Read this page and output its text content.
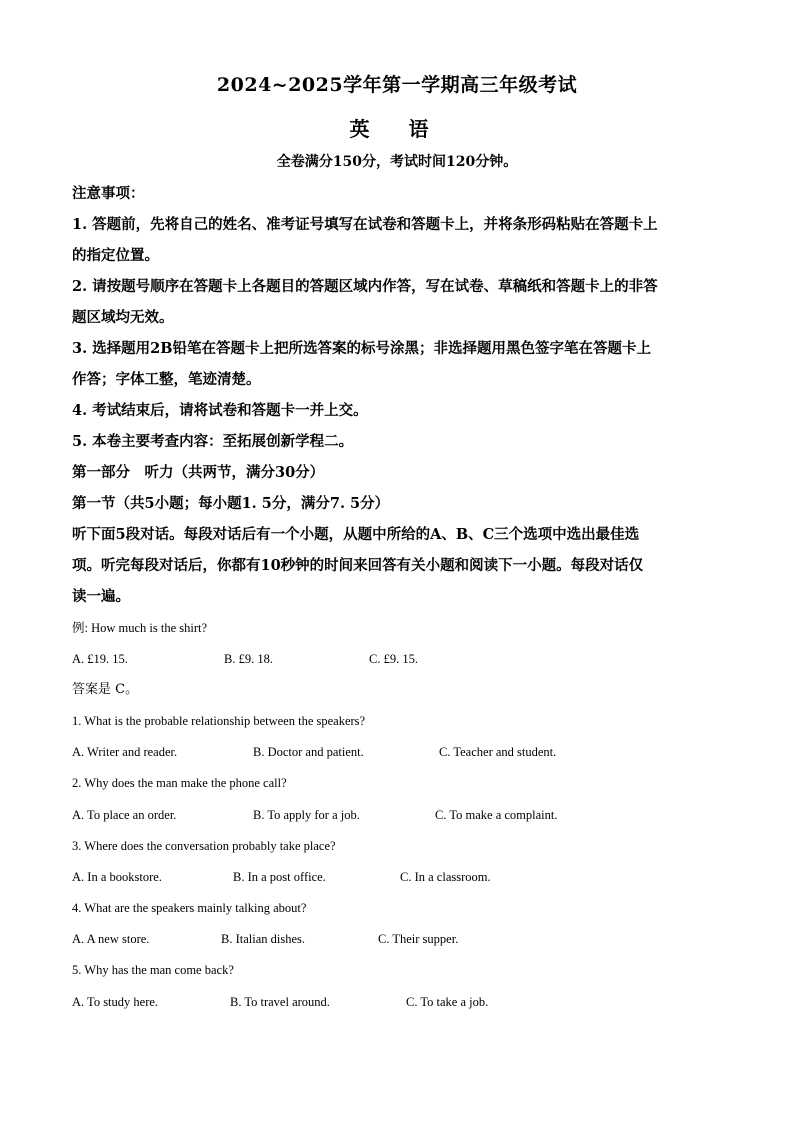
2024~2025学年第一学期高三年级考试
英 语
全卷满分150分，考试时间120分钟。
注意事项：
1. 答题前，先将自己的姓名、准考证号填写在试卷和答题卡上，并将条形码粘贴在答题卡上
的指定位置。
2. 请按题号顺序在答题卡上各题目的答题区域内作答，写在试卷、草稿纸和答题卡上的非答
题区域均无效。
3. 选择题用2B铅笔在答题卡上把所选答案的标号涂黑；非选择题用黑色签字笔在答题卡上
作答；字体工整，笔迹清楚。
4. 考试结束后，请将试卷和答题卡一并上交。
5. 本卷主要考查内容：至拓展创新学程二。
第一部分　听力（共两节，满分30分）
第一节（共5小题；每小题1. 5分，满分7. 5分）
听下面5段对话。每段对话后有一个小题，从题中所给的A、B、C三个选项中选出最佳选
项。听完每段对话后，你都有10秒钟的时间来回答有关小题和阅读下一小题。每段对话仅
读一遍。
例: How much is the shirt?
A. £19. 15.	B. £9. 18.	C. £9. 15.
答案是 C。
1. What is the probable relationship between the speakers?
A. Writer and reader.	B. Doctor and patient.	C. Teacher and student.
2. Why does the man make the phone call?
A. To place an order.	B. To apply for a job.	C. To make a complaint.
3. Where does the conversation probably take place?
A. In a bookstore.	B. In a post office.	C. In a classroom.
4. What are the speakers mainly talking about?
A. A new store.	B. Italian dishes.	C. Their supper.
5. Why has the man come back?
A. To study here.	B. To travel around.	C. To take a job.
